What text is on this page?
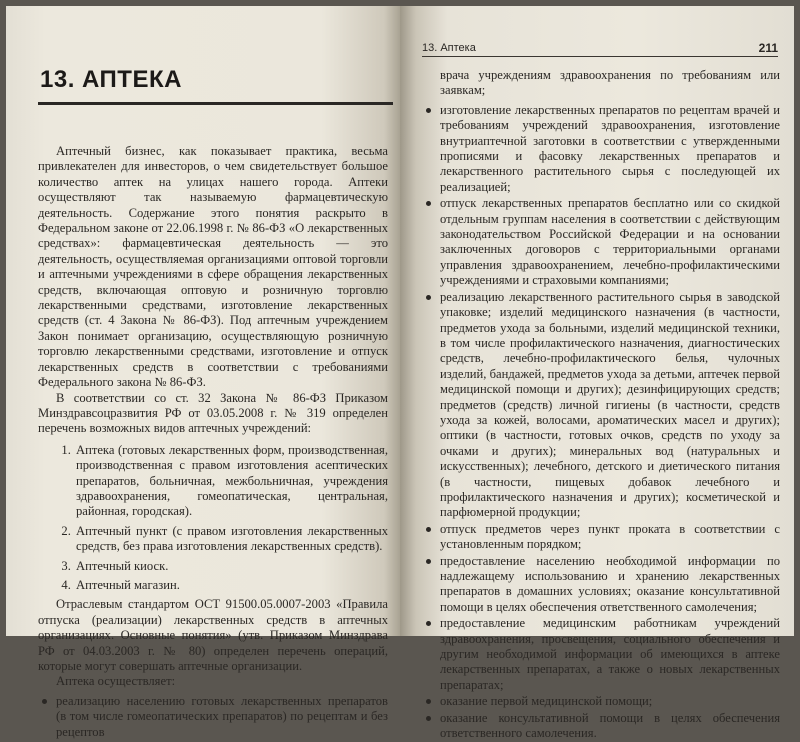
13. АПТЕКА

Аптечный бизнес, как показывает практика, весьма привлекателен для инвесторов, о чем свидетельствует большое количество аптек на улицах нашего города. Аптеки осуществляют так называемую фармацевтическую деятельность. Содержание этого понятия раскрыто в Федеральном законе от 22.06.1998 г. № 86-ФЗ «О лекарственных средствах»: фармацевтическая деятельность — это деятельность, осуществляемая организациями оптовой торговли и аптечными учреждениями в сфере обращения лекарственных средств, включающая оптовую и розничную торговлю лекарственными средствами, изготовление лекарственных средств (ст. 4 Закона № 86-ФЗ). Под аптечным учреждением Закон понимает организацию, осуществляющую розничную торговлю лекарственными средствами, изготовление и отпуск лекарственных средств в соответствии с требованиями Федерального закона № 86-ФЗ.

В соответствии со ст. 32 Закона № 86-ФЗ Приказом Минздравсоцразвития РФ от 03.05.2008 г. № 319 определен перечень возможных видов аптечных учреждений:

1. Аптека (готовых лекарственных форм, производственная, производственная с правом изготовления асептических препаратов, больничная, межбольничная, учреждения здравоохранения, гомеопатическая, центральная, районная, городская).
2. Аптечный пункт (с правом изготовления лекарственных средств, без права изготовления лекарственных средств).
3. Аптечный киоск.
4. Аптечный магазин.

Отраслевым стандартом ОСТ 91500.05.0007-2003 «Правила отпуска (реализации) лекарственных средств в аптечных организациях. Основные понятия» (утв. Приказом Минздрава РФ от 04.03.2003 г. № 80) определен перечень операций, которые могут совершать аптечные организации.

Аптека осуществляет:

реализацию населению готовых лекарственных препаратов (в том числе гомеопатических препаратов) по рецептам и без рецептов
13. Аптека	211

врача учреждениям здравоохранения по требованиям или заявкам;

изготовление лекарственных препаратов по рецептам врачей и требованиям учреждений здравоохранения, изготовление внутриаптечной заготовки в соответствии с утвержденными прописями и фасовку лекарственных препаратов и лекарственного растительного сырья с последующей их реализацией;
отпуск лекарственных препаратов бесплатно или со скидкой отдельным группам населения в соответствии с действующим законодательством Российской Федерации и на основании заключенных договоров с территориальными органами управления здравоохранением, лечебно-профилактическими учреждениями и страховыми компаниями;
реализацию лекарственного растительного сырья в заводской упаковке; изделий медицинского назначения (в частности, предметов ухода за больными, изделий медицинской техники, в том числе профилактического назначения, диагностических средств, лечебно-профилактического белья, чулочных изделий, бандажей, предметов ухода за детьми, аптечек первой медицинской помощи и других); дезинфицирующих средств; предметов (средств) личной гигиены (в частности, средств ухода за кожей, волосами, ароматических масел и других); оптики (в частности, готовых очков, средств по уходу за очками и других); минеральных вод (натуральных и искусственных); лечебного, детского и диетического питания (в частности, пищевых добавок лечебного и профилактического назначения и других); косметической и парфюмерной продукции;
отпуск предметов через пункт проката в соответствии с установленным порядком;
предоставление населению необходимой информации по надлежащему использованию и хранению лекарственных препаратов в домашних условиях; оказание консультативной помощи в целях обеспечения ответственного самолечения;
предоставление медицинским работникам учреждений здравоохранения, просвещения, социального обеспечения и другим необходимой информации об имеющихся в аптеке лекарственных препаратах, а также о новых лекарственных препаратах;
оказание первой медицинской помощи;
оказание консультативной помощи в целях обеспечения ответственного самолечения.
